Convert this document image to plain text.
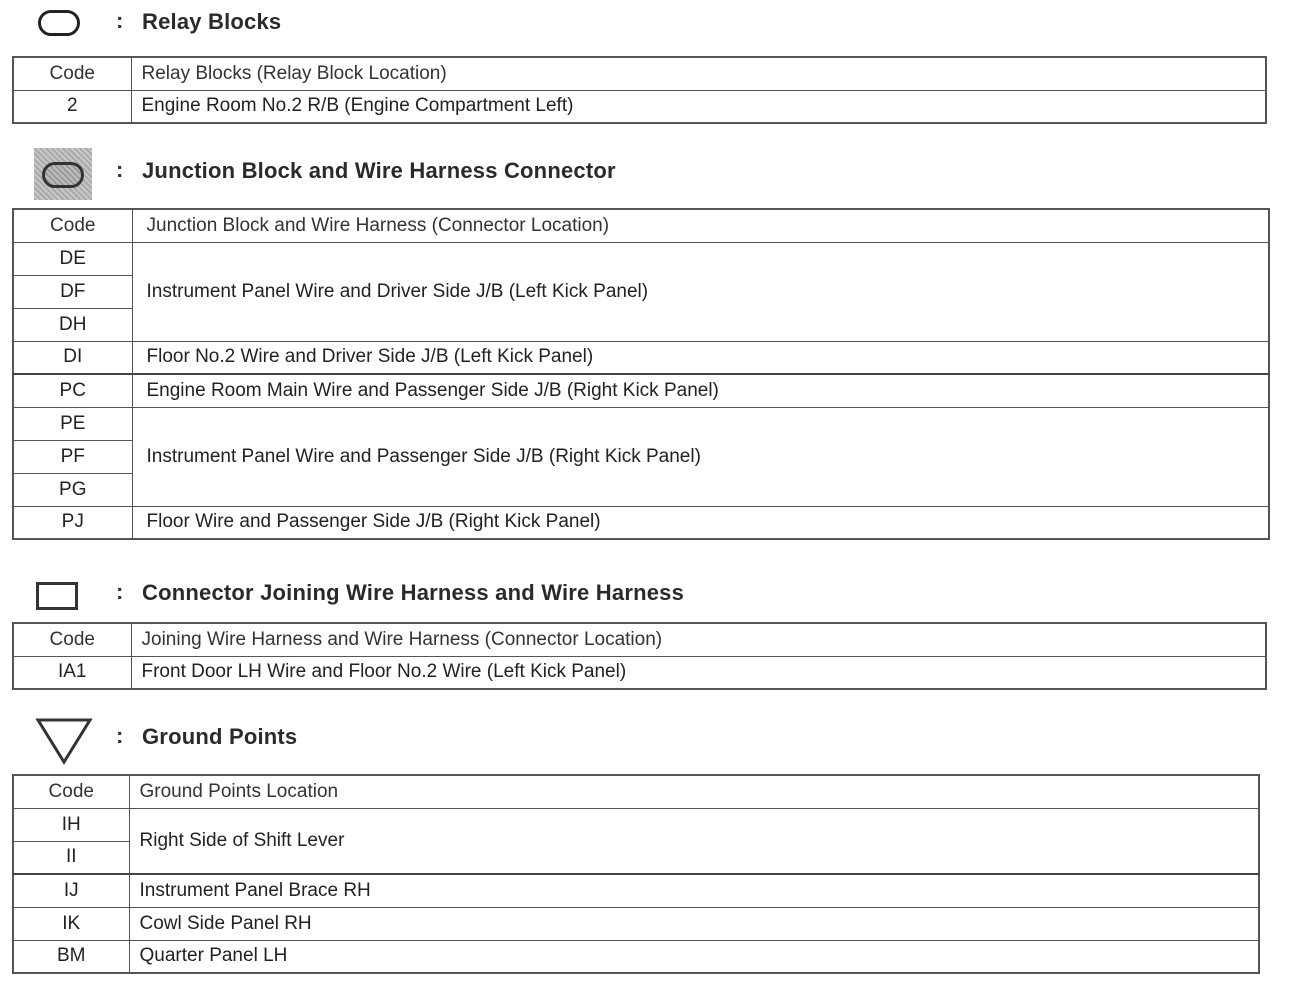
: Relay Blocks
Code	Relay Blocks (Relay Block Location)
2	Engine Room No.2 R/B (Engine Compartment Left)
: Junction Block and Wire Harness Connector
Code	Junction Block and Wire Harness (Connector Location)
DE	Instrument Panel Wire and Driver Side J/B (Left Kick Panel)
DF	
DH	
DI	Floor No.2 Wire and Driver Side J/B (Left Kick Panel)
PC	Engine Room Main Wire and Passenger Side J/B (Right Kick Panel)
PE	Instrument Panel Wire and Passenger Side J/B (Right Kick Panel)
PF	
PG	
PJ	Floor Wire and Passenger Side J/B (Right Kick Panel)
: Connector Joining Wire Harness and Wire Harness
Code	Joining Wire Harness and Wire Harness (Connector Location)
IA1	Front Door LH Wire and Floor No.2 Wire (Left Kick Panel)
: Ground Points
Code	Ground Points Location
IH	Right Side of Shift Lever
II	
IJ	Instrument Panel Brace RH
IK	Cowl Side Panel RH
BM	Quarter Panel LH
